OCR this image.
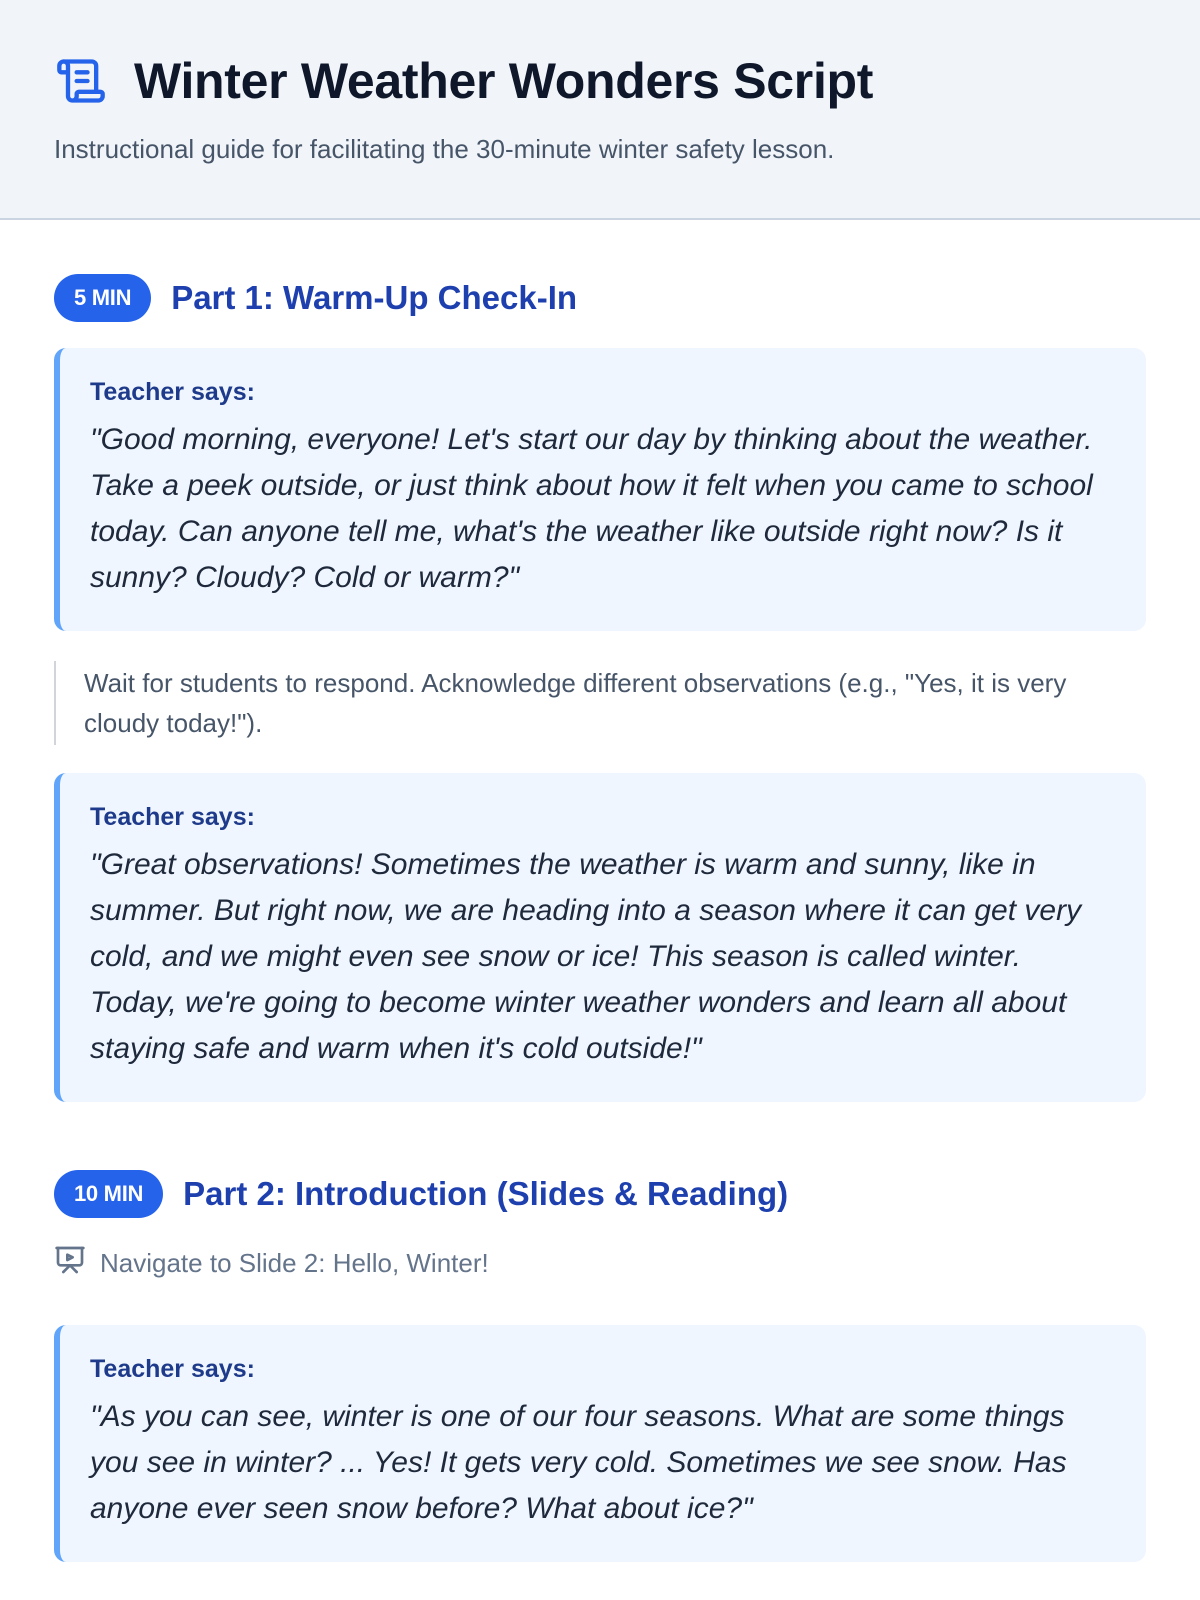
Winter Weather Wonders Script
Instructional guide for facilitating the 30-minute winter safety lesson.
5 MIN	Part 1: Warm-Up Check-In
Teacher says:
"Good morning, everyone! Let's start our day by thinking about the weather. Take a peek outside, or just think about how it felt when you came to school today. Can anyone tell me, what's the weather like outside right now? Is it sunny? Cloudy? Cold or warm?"
Wait for students to respond. Acknowledge different observations (e.g., "Yes, it is very cloudy today!").
Teacher says:
"Great observations! Sometimes the weather is warm and sunny, like in summer. But right now, we are heading into a season where it can get very cold, and we might even see snow or ice! This season is called winter. Today, we're going to become winter weather wonders and learn all about staying safe and warm when it's cold outside!"
10 MIN	Part 2: Introduction (Slides & Reading)
Navigate to Slide 2: Hello, Winter!
Teacher says:
"As you can see, winter is one of our four seasons. What are some things you see in winter? ... Yes! It gets very cold. Sometimes we see snow. Has anyone ever seen snow before? What about ice?"
